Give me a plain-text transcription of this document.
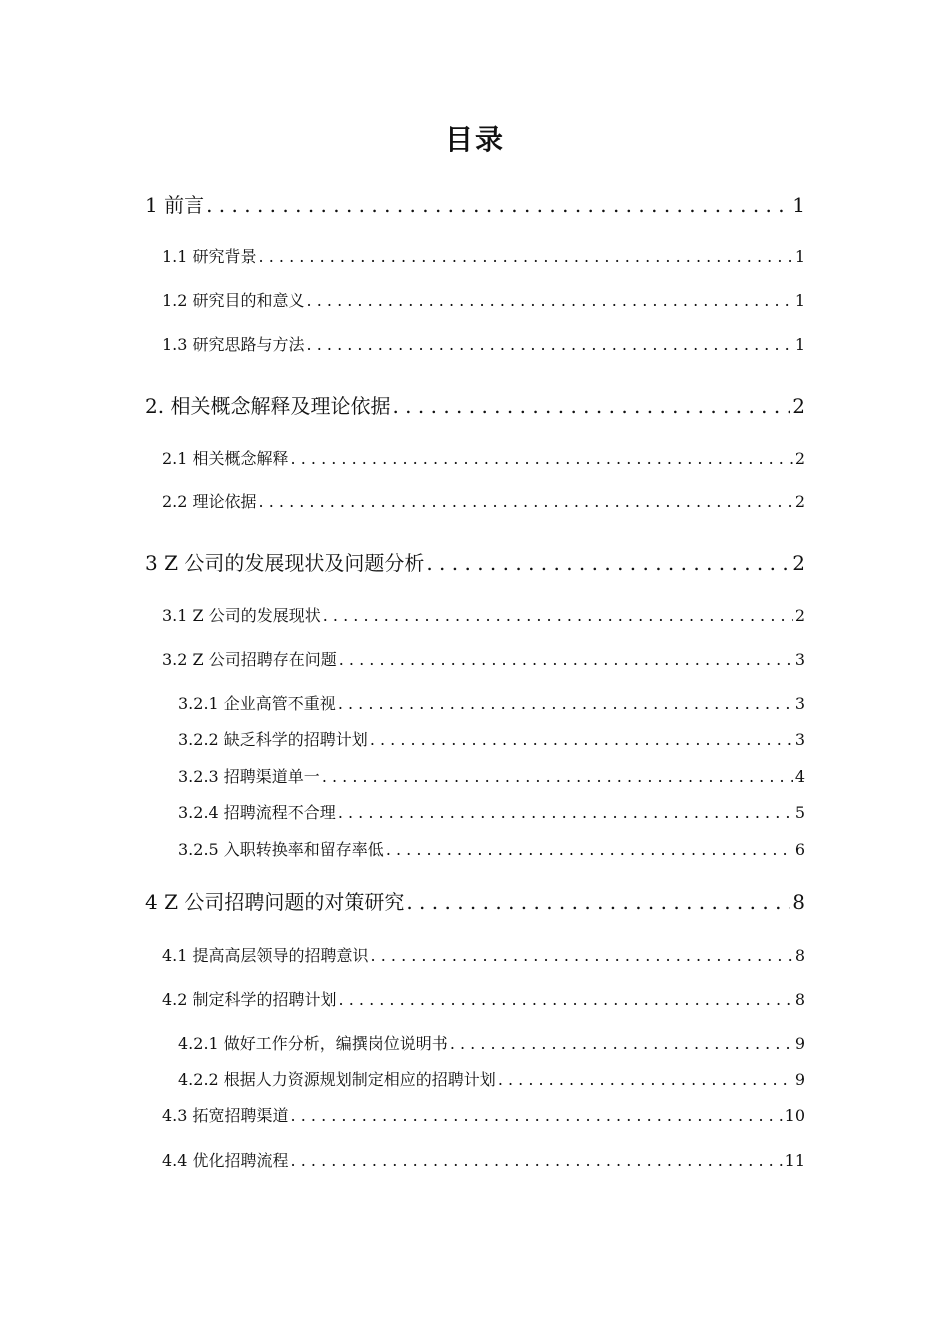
目录
1 前言 . . .	1
1.1 研究背景 . . .	1
1.2 研究目的和意义 . . .	1
1.3 研究思路与方法 . . .	1
2. 相关概念解释及理论依据 . . .	2
2.1 相关概念解释 . . .	2
2.2 理论依据 . . .	2
3 Z 公司的发展现状及问题分析 . . .	2
3.1 Z 公司的发展现状 . . .	2
3.2 Z 公司招聘存在问题 . . .	3
3.2.1 企业高管不重视 . . .	3
3.2.2 缺乏科学的招聘计划 . . .	3
3.2.3 招聘渠道单一 . . .	4
3.2.4 招聘流程不合理 . . .	5
3.2.5 入职转换率和留存率低 . . .	6
4 Z 公司招聘问题的对策研究 . . .	8
4.1 提高高层领导的招聘意识 . . .	8
4.2 制定科学的招聘计划 . . .	8
4.2.1 做好工作分析，编撰岗位说明书 . . .	9
4.2.2 根据人力资源规划制定相应的招聘计划 . . .	9
4.3 拓宽招聘渠道 . . .	10
4.4 优化招聘流程 . . .	11
